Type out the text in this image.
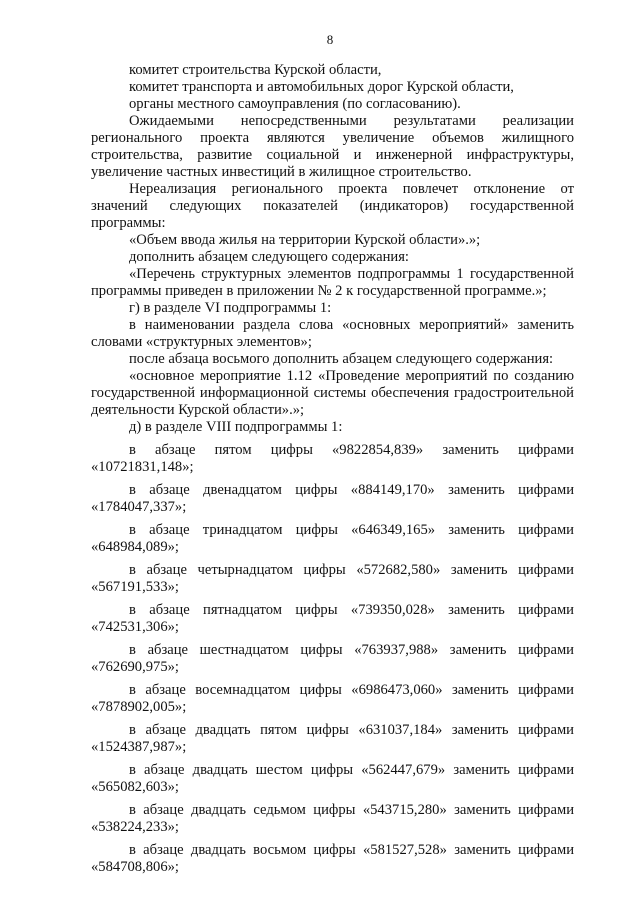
8

комитет строительства Курской области,

комитет транспорта и автомобильных дорог Курской области,

органы местного самоуправления (по согласованию).

Ожидаемыми непосредственными результатами реализации регионального проекта являются увеличение объемов жилищного строительства, развитие социальной и инженерной инфраструктуры, увеличение частных инвестиций в жилищное строительство.

Нереализация регионального проекта повлечет отклонение от значений следующих показателей (индикаторов) государственной программы:

«Объем ввода жилья на территории Курской области».»;

дополнить абзацем следующего содержания:

«Перечень структурных элементов подпрограммы 1 государственной программы приведен в приложении № 2 к государственной программе.»;

г) в разделе VI подпрограммы 1:

в наименовании раздела слова «основных мероприятий» заменить словами «структурных элементов»;

после абзаца восьмого дополнить абзацем следующего содержания:

«основное мероприятие 1.12 «Проведение мероприятий по созданию государственной информационной системы обеспечения градостроительной деятельности Курской области».»;

д) в разделе VIII подпрограммы 1:

в абзаце пятом цифры «9822854,839» заменить цифрами «10721831,148»;

в абзаце двенадцатом цифры «884149,170» заменить цифрами «1784047,337»;

в абзаце тринадцатом цифры «646349,165» заменить цифрами «648984,089»;

в абзаце четырнадцатом цифры «572682,580» заменить цифрами «567191,533»;

в абзаце пятнадцатом цифры «739350,028» заменить цифрами «742531,306»;

в абзаце шестнадцатом цифры «763937,988» заменить цифрами «762690,975»;

в абзаце восемнадцатом цифры «6986473,060» заменить цифрами «7878902,005»;

в абзаце двадцать пятом цифры «631037,184» заменить цифрами «1524387,987»;

в абзаце двадцать шестом цифры «562447,679» заменить цифрами «565082,603»;

в абзаце двадцать седьмом цифры «543715,280» заменить цифрами «538224,233»;

в абзаце двадцать восьмом цифры «581527,528» заменить цифрами «584708,806»;
